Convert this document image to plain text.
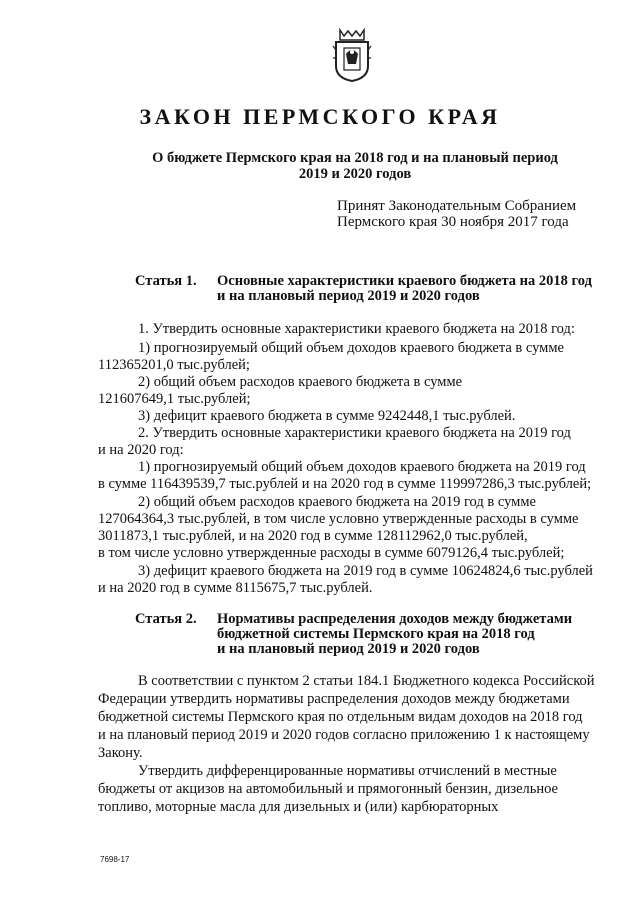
ЗАКОН ПЕРМСКОГО КРАЯ
О бюджете Пермского края на 2018 год и на плановый период
2019 и 2020 годов
Принят Законодательным Собранием
Пермского края 30 ноября 2017 года
Статья 1. Основные характеристики краевого бюджета на 2018 год
и на плановый период 2019 и 2020 годов
1. Утвердить основные характеристики краевого бюджета на 2018 год:
1) прогнозируемый общий объем доходов краевого бюджета в сумме
112365201,0 тыс.рублей;
2) общий объем расходов краевого бюджета в сумме
121607649,1 тыс.рублей;
3) дефицит краевого бюджета в сумме 9242448,1 тыс.рублей.
2. Утвердить основные характеристики краевого бюджета на 2019 год
и на 2020 год:
1) прогнозируемый общий объем доходов краевого бюджета на 2019 год
в сумме 116439539,7 тыс.рублей и на 2020 год в сумме 119997286,3 тыс.рублей;
2) общий объем расходов краевого бюджета на 2019 год в сумме
127064364,3 тыс.рублей, в том числе условно утвержденные расходы в сумме
3011873,1 тыс.рублей, и на 2020 год в сумме 128112962,0 тыс.рублей,
в том числе условно утвержденные расходы в сумме 6079126,4 тыс.рублей;
3) дефицит краевого бюджета на 2019 год в сумме 10624824,6 тыс.рублей
и на 2020 год в сумме 8115675,7 тыс.рублей.
Статья 2. Нормативы распределения доходов между бюджетами
бюджетной системы Пермского края на 2018 год
и на плановый период 2019 и 2020 годов
В соответствии с пунктом 2 статьи 184.1 Бюджетного кодекса Российской
Федерации утвердить нормативы распределения доходов между бюджетами
бюджетной системы Пермского края по отдельным видам доходов на 2018 год
и на плановый период 2019 и 2020 годов согласно приложению 1 к настоящему
Закону.
Утвердить дифференцированные нормативы отчислений в местные
бюджеты от акцизов на автомобильный и прямогонный бензин, дизельное
топливо, моторные масла для дизельных и (или) карбюраторных
7698-17
